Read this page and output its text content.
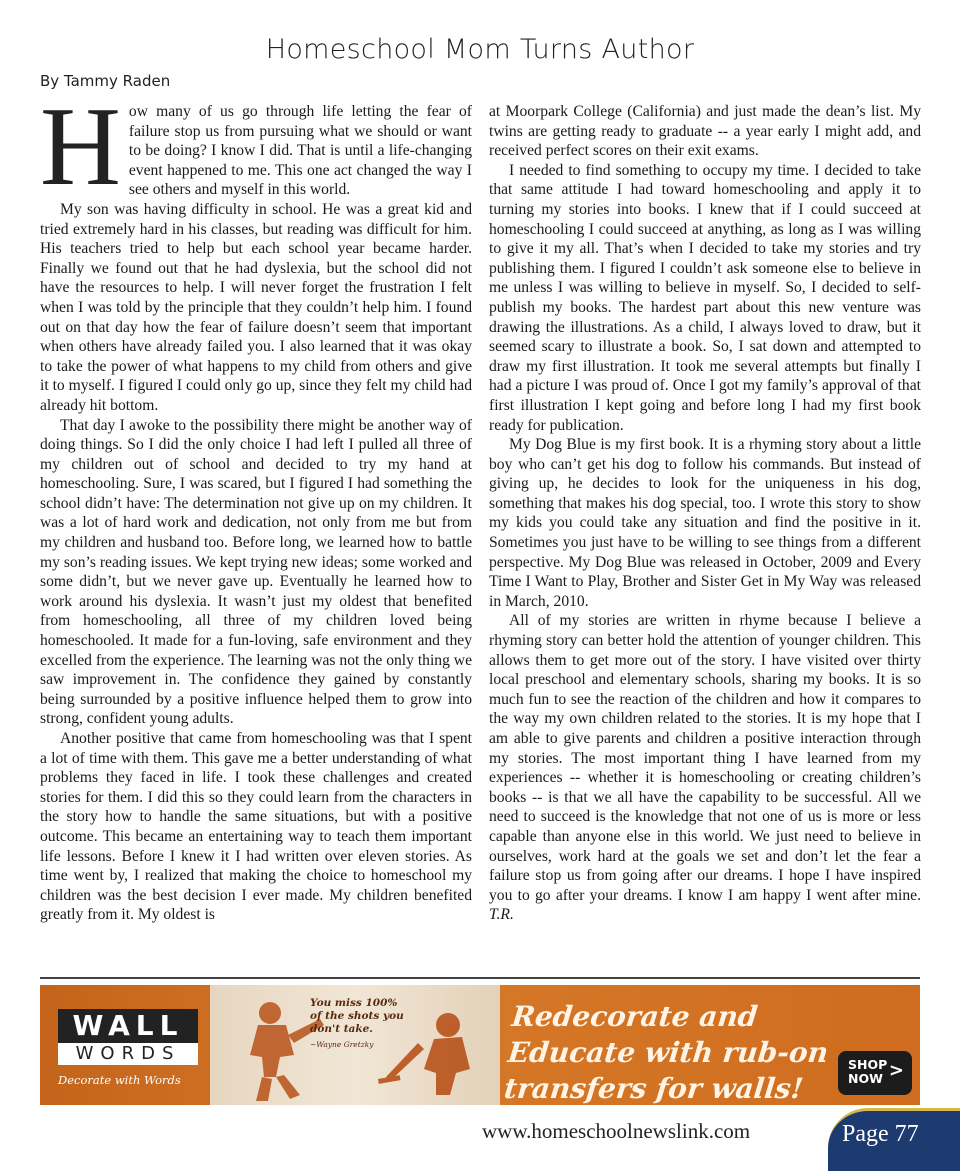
Homeschool Mom Turns Author
By Tammy Raden

How many of us go through life letting the fear of failure stop us from pursuing what we should or want to be doing? I know I did. That is until a life-changing event happened to me. This one act changed the way I see others and myself in this world.

My son was having difficulty in school. He was a great kid and tried extremely hard in his classes, but reading was difficult for him. His teachers tried to help but each school year became harder. Finally we found out that he had dyslexia, but the school did not have the resources to help. I will never forget the frustration I felt when I was told by the principle that they couldn’t help him. I found out on that day how the fear of failure doesn’t seem that important when others have already failed you. I also learned that it was okay to take the power of what happens to my child from others and give it to myself. I figured I could only go up, since they felt my child had already hit bottom.

That day I awoke to the possibility there might be another way of doing things. So I did the only choice I had left I pulled all three of my children out of school and decided to try my hand at homeschooling. Sure, I was scared, but I figured I had something the school didn’t have: The determination not give up on my children. It was a lot of hard work and dedication, not only from me but from my children and husband too. Before long, we learned how to battle my son’s reading issues. We kept trying new ideas; some worked and some didn’t, but we never gave up. Eventually he learned how to work around his dyslexia. It wasn’t just my oldest that benefited from homeschooling, all three of my children loved being homeschooled. It made for a fun-loving, safe environment and they excelled from the experience. The learning was not the only thing we saw improvement in. The confidence they gained by constantly being surrounded by a positive influence helped them to grow into strong, confident young adults.

Another positive that came from homeschooling was that I spent a lot of time with them. This gave me a better understanding of what problems they faced in life. I took these challenges and created stories for them. I did this so they could learn from the characters in the story how to handle the same situations, but with a positive outcome. This became an entertaining way to teach them important life lessons. Before I knew it I had written over eleven stories. As time went by, I realized that making the choice to homeschool my children was the best decision I ever made. My children benefited greatly from it. My oldest is

at Moorpark College (California) and just made the dean’s list. My twins are getting ready to graduate -- a year early I might add, and received perfect scores on their exit exams.

I needed to find something to occupy my time. I decided to take that same attitude I had toward homeschooling and apply it to turning my stories into books. I knew that if I could succeed at homeschooling I could succeed at anything, as long as I was willing to give it my all. That’s when I decided to take my stories and try publishing them. I figured I couldn’t ask someone else to believe in me unless I was willing to believe in myself. So, I decided to self-publish my books. The hardest part about this new venture was drawing the illustrations. As a child, I always loved to draw, but it seemed scary to illustrate a book. So, I sat down and attempted to draw my first illustration. It took me several attempts but finally I had a picture I was proud of. Once I got my family’s approval of that first illustration I kept going and before long I had my first book ready for publication.

My Dog Blue is my first book. It is a rhyming story about a little boy who can’t get his dog to follow his commands. But instead of giving up, he decides to look for the uniqueness in his dog, something that makes his dog special, too. I wrote this story to show my kids you could take any situation and find the positive in it. Sometimes you just have to be willing to see things from a different perspective. My Dog Blue was released in October, 2009 and Every Time I Want to Play, Brother and Sister Get in My Way was released in March, 2010.

All of my stories are written in rhyme because I believe a rhyming story can better hold the attention of younger children. This allows them to get more out of the story. I have visited over thirty local preschool and elementary schools, sharing my books. It is so much fun to see the reaction of the children and how it compares to the way my own children related to the stories. It is my hope that I am able to give parents and children a positive interaction through my stories. The most important thing I have learned from my experiences -- whether it is homeschooling or creating children’s books -- is that we all have the capability to be successful. All we need to succeed is the knowledge that not one of us is more or less capable than anyone else in this world. We just need to believe in ourselves, work hard at the goals we set and don’t let the fear a failure stop us from going after our dreams. I hope I have inspired you to go after your dreams. I know I am happy I went after mine. T.R.

WALL
WORDS
Decorate with Words
You miss 100% of the shots you don't take.
~Wayne Gretzky
Redecorate and Educate with rub-on transfers for walls!
SHOP
NOW >
www.homeschoolnewslink.com	Page 77
